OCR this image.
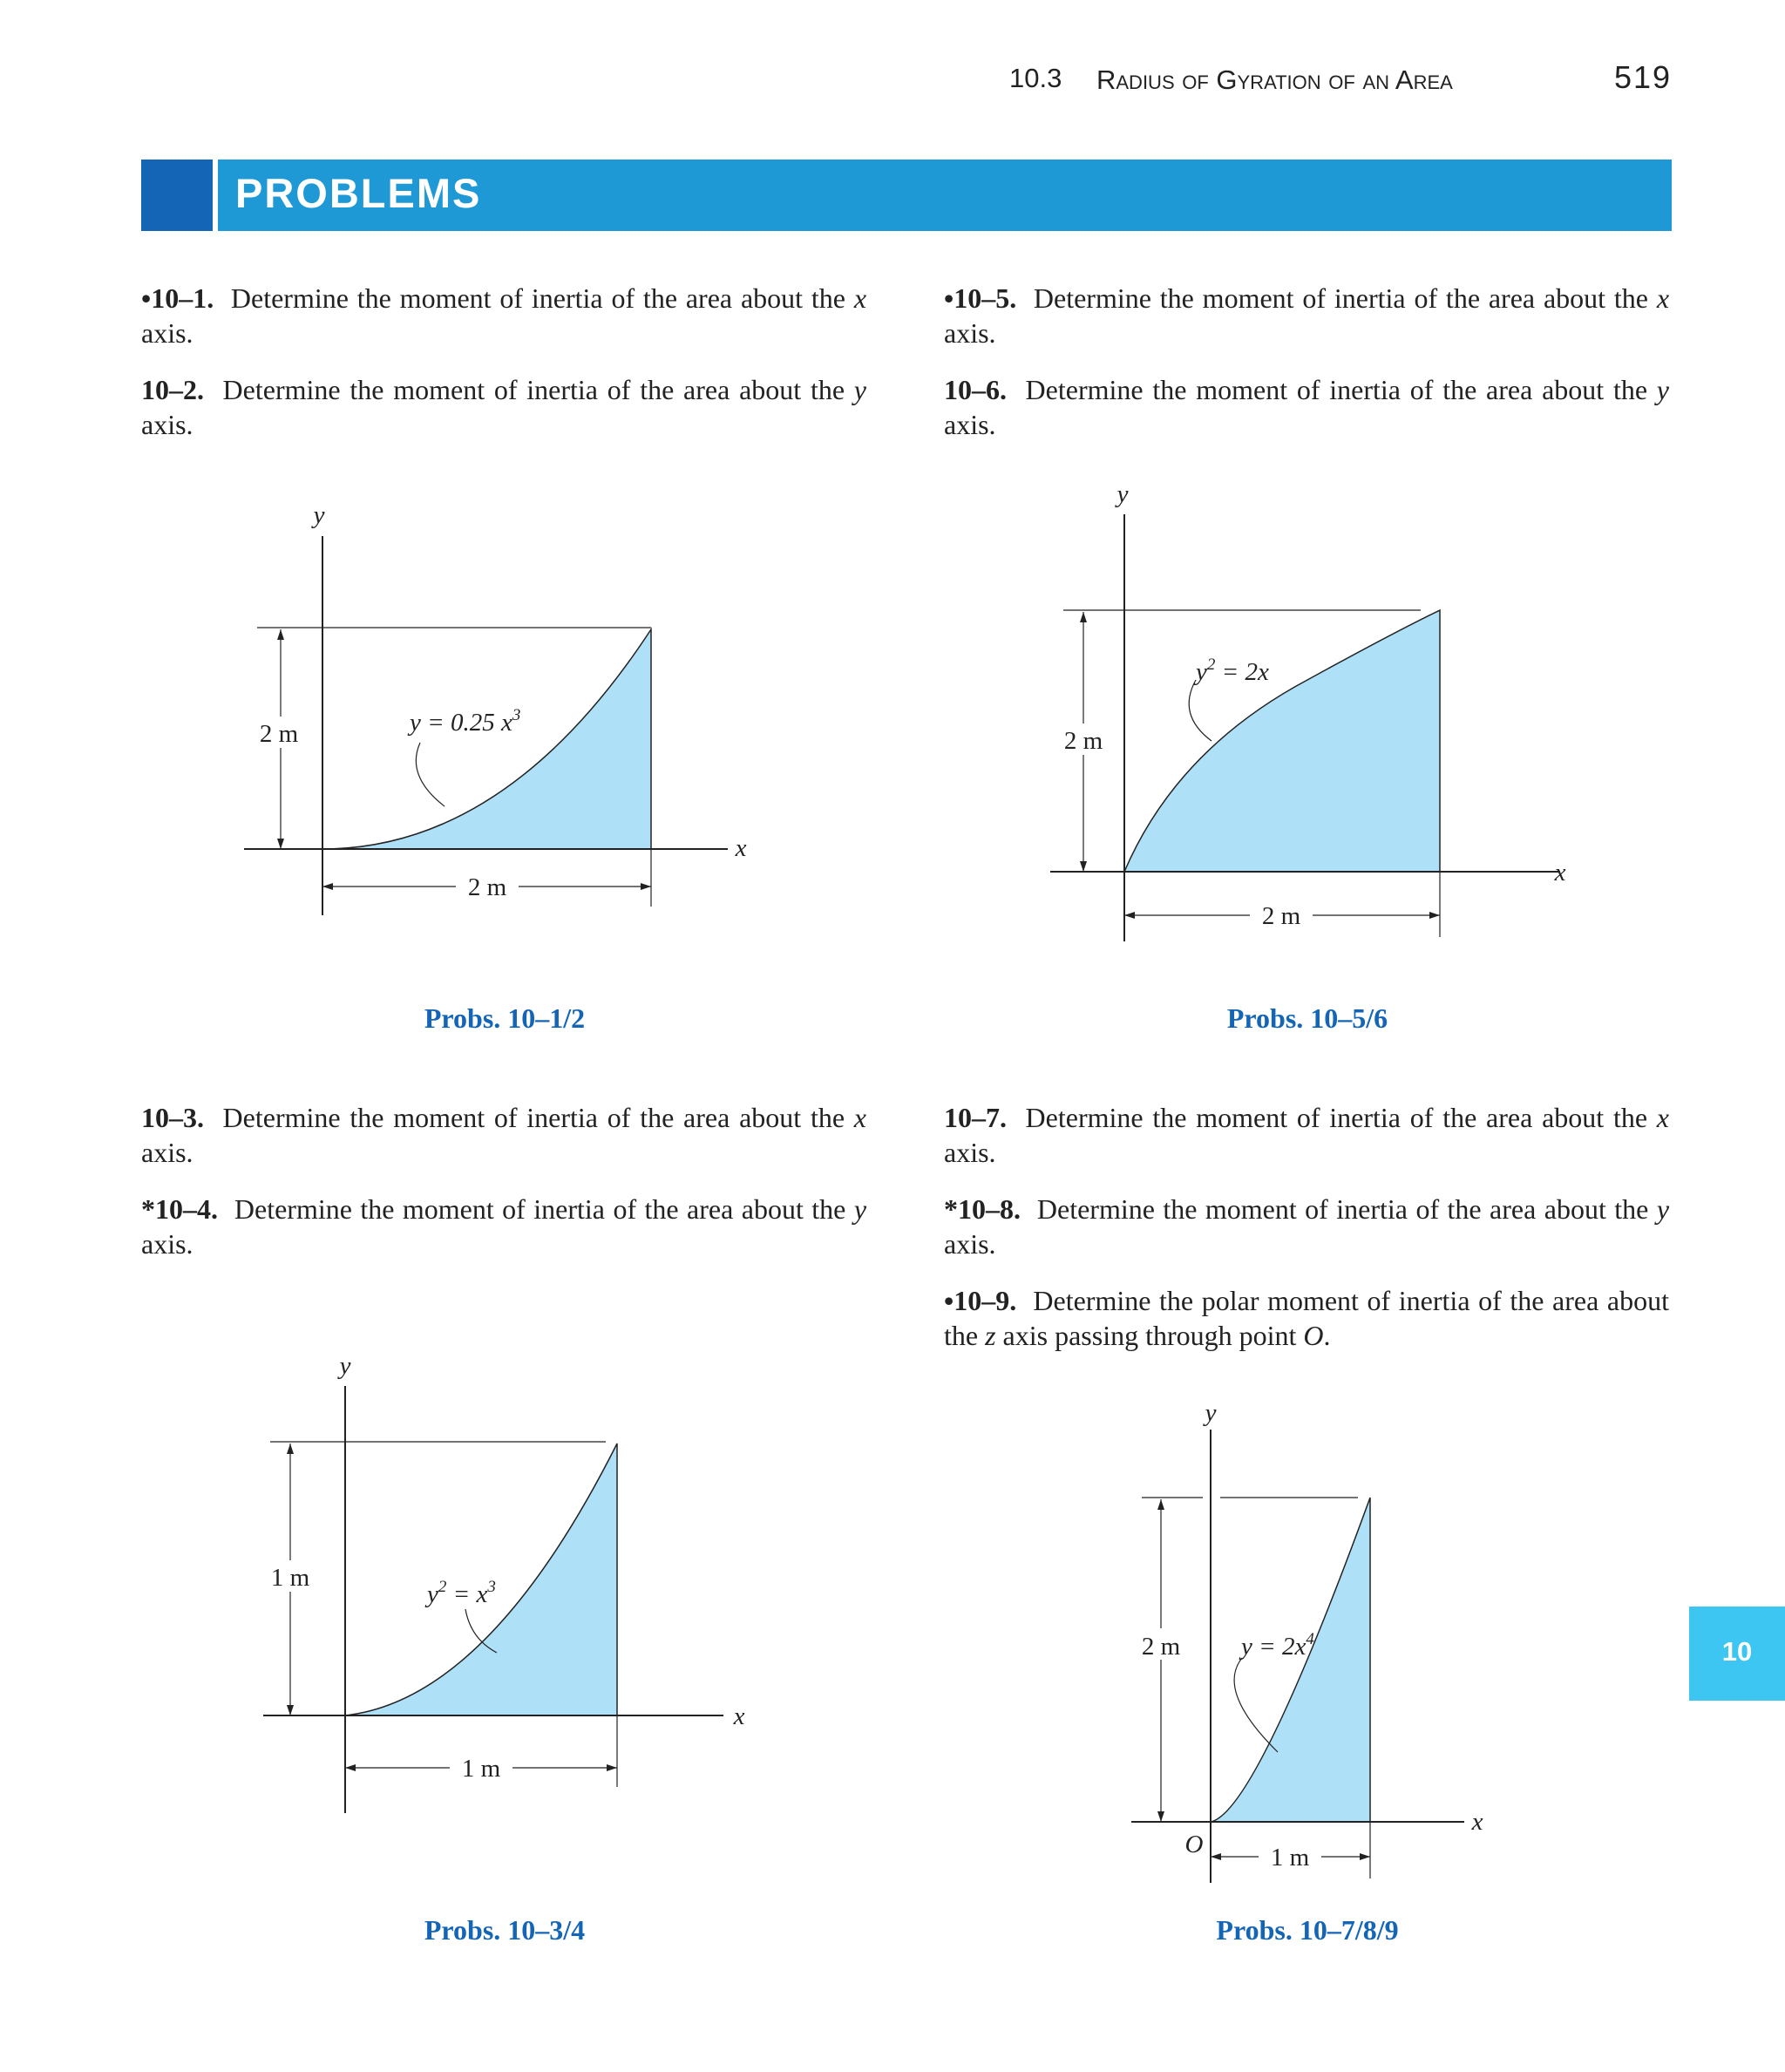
10.3 Radius of Gyration of an Area	519
PROBLEMS
•10–1. Determine the moment of inertia of the area about the x axis.
10–2. Determine the moment of inertia of the area about the y axis.
•10–5. Determine the moment of inertia of the area about the x axis.
10–6. Determine the moment of inertia of the area about the y axis.
10–3. Determine the moment of inertia of the area about the x axis.
*10–4. Determine the moment of inertia of the area about the y axis.
10–7. Determine the moment of inertia of the area about the x axis.
*10–8. Determine the moment of inertia of the area about the y axis.
•10–9. Determine the polar moment of inertia of the area about the z axis passing through point O.
2 m
2 m
y
x
y = 0.25 $x^3$
Probs. 10–1/2
2 m
2 m
y
x
$y^2 = 2x$
Probs. 10–5/6
1 m
1 m
y
x
$y^2 = x^3$
Probs. 10–3/4
2 m
1 m
y
x
O
$y = 2x^4$
Probs. 10–7/8/9
10
